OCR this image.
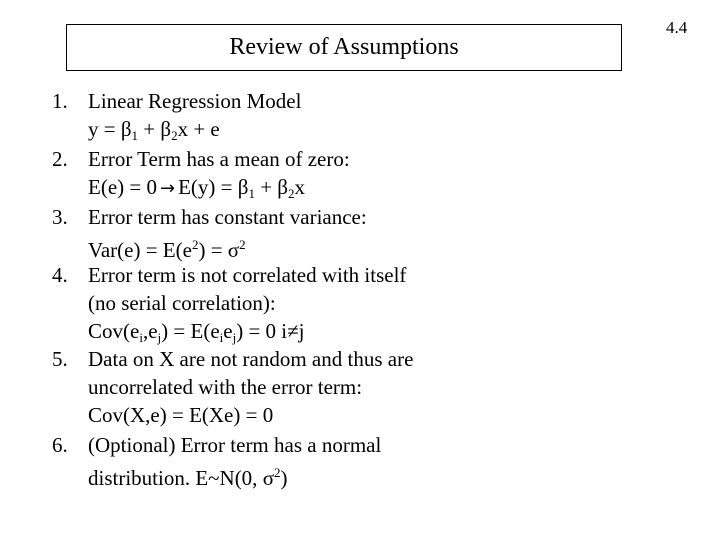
Review of Assumptions
4.4
1. Linear Regression Model
$y = \beta_1 + \beta_2x + e$
2. Error Term has a mean of zero:
$E(e) = 0 \to E(y) = \beta_1 + \beta_2x$
3. Error term has constant variance:
$Var(e) = E(e^2) = \sigma^2$
4. Error term is not correlated with itself
(no serial correlation):
$Cov(e_i,e_j) = E(e_ie_j) = 0$ i≠j
5. Data on X are not random and thus are
uncorrelated with the error term:
Cov(X,e) = E(Xe) = 0
6. (Optional) Error term has a normal
distribution. E~N(0, $\sigma^2$)
